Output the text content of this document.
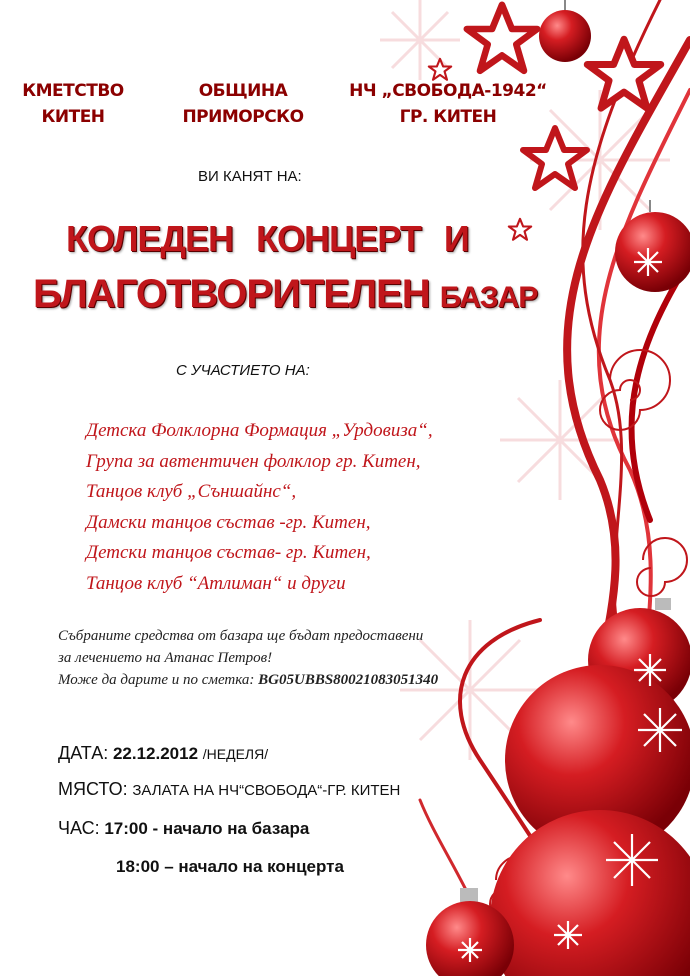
КМЕТСТВО
КИТЕН
ОБЩИНА
ПРИМОРСКО
НЧ „СВОБОДА-1942“
ГР. КИТЕН
ВИ КАНЯТ НА:
КОЛЕДЕН КОНЦЕРТ И
БЛАГОТВОРИТЕЛЕН БАЗАР
С УЧАСТИЕТО НА:
Детска Фолклорна Формация „Урдовиза“,
Група за автентичен фолклор гр. Китен,
Танцов клуб „Съншайнс“,
Дамски танцов състав -гр. Китен,
Детски танцов състав- гр. Китен,
Танцов клуб “Атлиман“ и други
Събраните средства от базара ще бъдат предоставени
за лечението на Атанас Петров!
Може да дарите и по сметка: BG05UBBS80021083051340
ДАТА: 22.12.2012 /НЕДЕЛЯ/
МЯСТО: ЗАЛАТА НА НЧ“СВОБОДА“-ГР. КИТЕН
ЧАС: 17:00 - начало на базара
18:00 – начало на концерта
